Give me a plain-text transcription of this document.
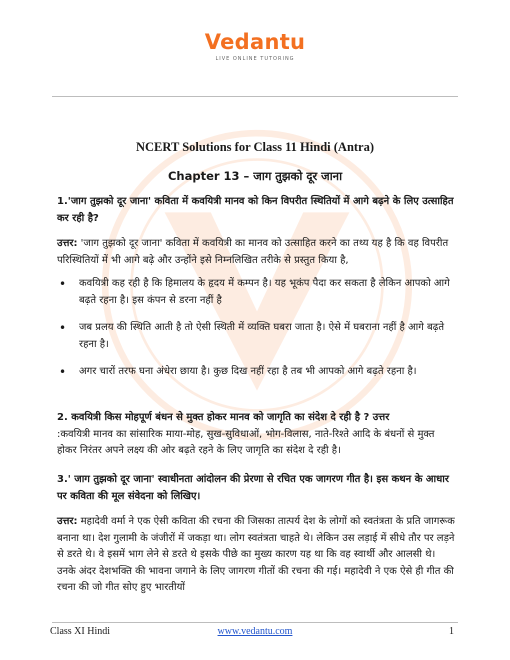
Vedantu
LIVE ONLINE TUTORING
NCERT Solutions for Class 11 Hindi (Antra)
Chapter 13 – जाग तुझको दूर जाना

1.'जाग तुझको दूर जाना' कविता में कवयित्री मानव को किन विपरीत स्थितियों में आगे बढ़ने के लिए उत्साहित कर रही है?

उत्तर: 'जाग तुझको दूर जाना' कविता में कवयित्री का मानव को उत्साहित करने का तथ्य यह है कि वह विपरीत परिस्थितियों में भी आगे बढ़े और उन्होंने इसे निम्नलिखित तरीके से प्रस्तुत किया है,

• कवयित्री कह रही है कि हिमालय के हृदय में कम्पन है। यह भूकंप पैदा कर सकता है लेकिन आपको आगे बढ़ते रहना है। इस कंपन से डरना नहीं है
• जब प्रलय की स्थिति आती है तो ऐसी स्थिती में व्यक्ति घबरा जाता है। ऐसे में घबराना नहीं है आगे बढ़ते रहना है।
• अगर चारों तरफ घना अंधेरा छाया है। कुछ दिख नहीं रहा है तब भी आपको आगे बढ़ते रहना है।

2. कवयित्री किस मोहपूर्ण बंधन से मुक्त होकर मानव को जागृति का संदेश दे रही है ? उत्तर

:कवयित्री मानव का सांसारिक माया-मोह, सुख-सुविधाओं, भोग-विलास, नाते-रिश्ते आदि के बंधनों से मुक्त होकर निरंतर अपने लक्ष्य की ओर बढ़ते रहने के लिए जागृति का संदेश दे रही है।

3.' जाग तुझको दूर जाना' स्वाधीनता आंदोलन की प्रेरणा से रचित एक जागरण गीत है। इस कथन के आधार पर कविता की मूल संवेदना को लिखिए।

उत्तर: महादेवी वर्मा ने एक ऐसी कविता की रचना की जिसका तात्पर्य देश के लोगों को स्वतंत्रता के प्रति जागरूक बनाना था। देश गुलामी के जंजीरों में जकड़ा था। लोग स्वतंत्रता चाहते थे। लेकिन उस लड़ाई में सीधे तौर पर लड़ने से डरते थे। वे इसमें भाग लेने से डरते थे इसके पीछे का मुख्य कारण यह था कि वह स्वार्थी और आलसी थे। उनके अंदर देशभक्ति की भावना जगाने के लिए जागरण गीतों की रचना की गई। महादेवी ने एक ऐसे ही गीत की रचना की जो गीत सोए हुए भारतीयों

Class XI Hindi	www.vedantu.com	1
